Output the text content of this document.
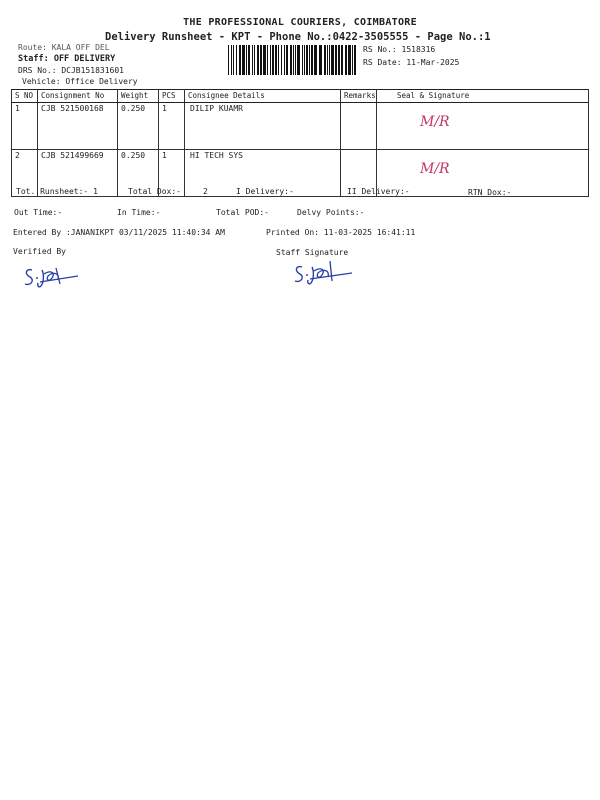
THE PROFESSIONAL COURIERS, COIMBATORE
Delivery Runsheet - KPT - Phone No.:0422-3505555 - Page No.:1
Route: KALA OFF DEL
Staff: OFF DELIVERY
DRS No.: DCJB151831601
Vehicle: Office Delivery
RS No.: 1518316
RS Date: 11-Mar-2025
S NO	Consignment No	Weight	PCS	Consignee Details	Remarks	Seal & Signature
1	CJB 521500168	0.250	1	DILIP KUAMR		M/R

2	CJB 521499669	0.250	1	HI TECH SYS		M/R
Tot. Runsheet:- 1	Total Dox:-	2	I Delivery:-	II Delivery:-	RTN Dox:-
Out Time:-	In Time:-	Total POD:-	Delvy Points:-
Entered By :JANANIKPT 03/11/2025 11:40:34 AM	Printed On: 11-03-2025 16:41:11
Verified By	Staff Signature
